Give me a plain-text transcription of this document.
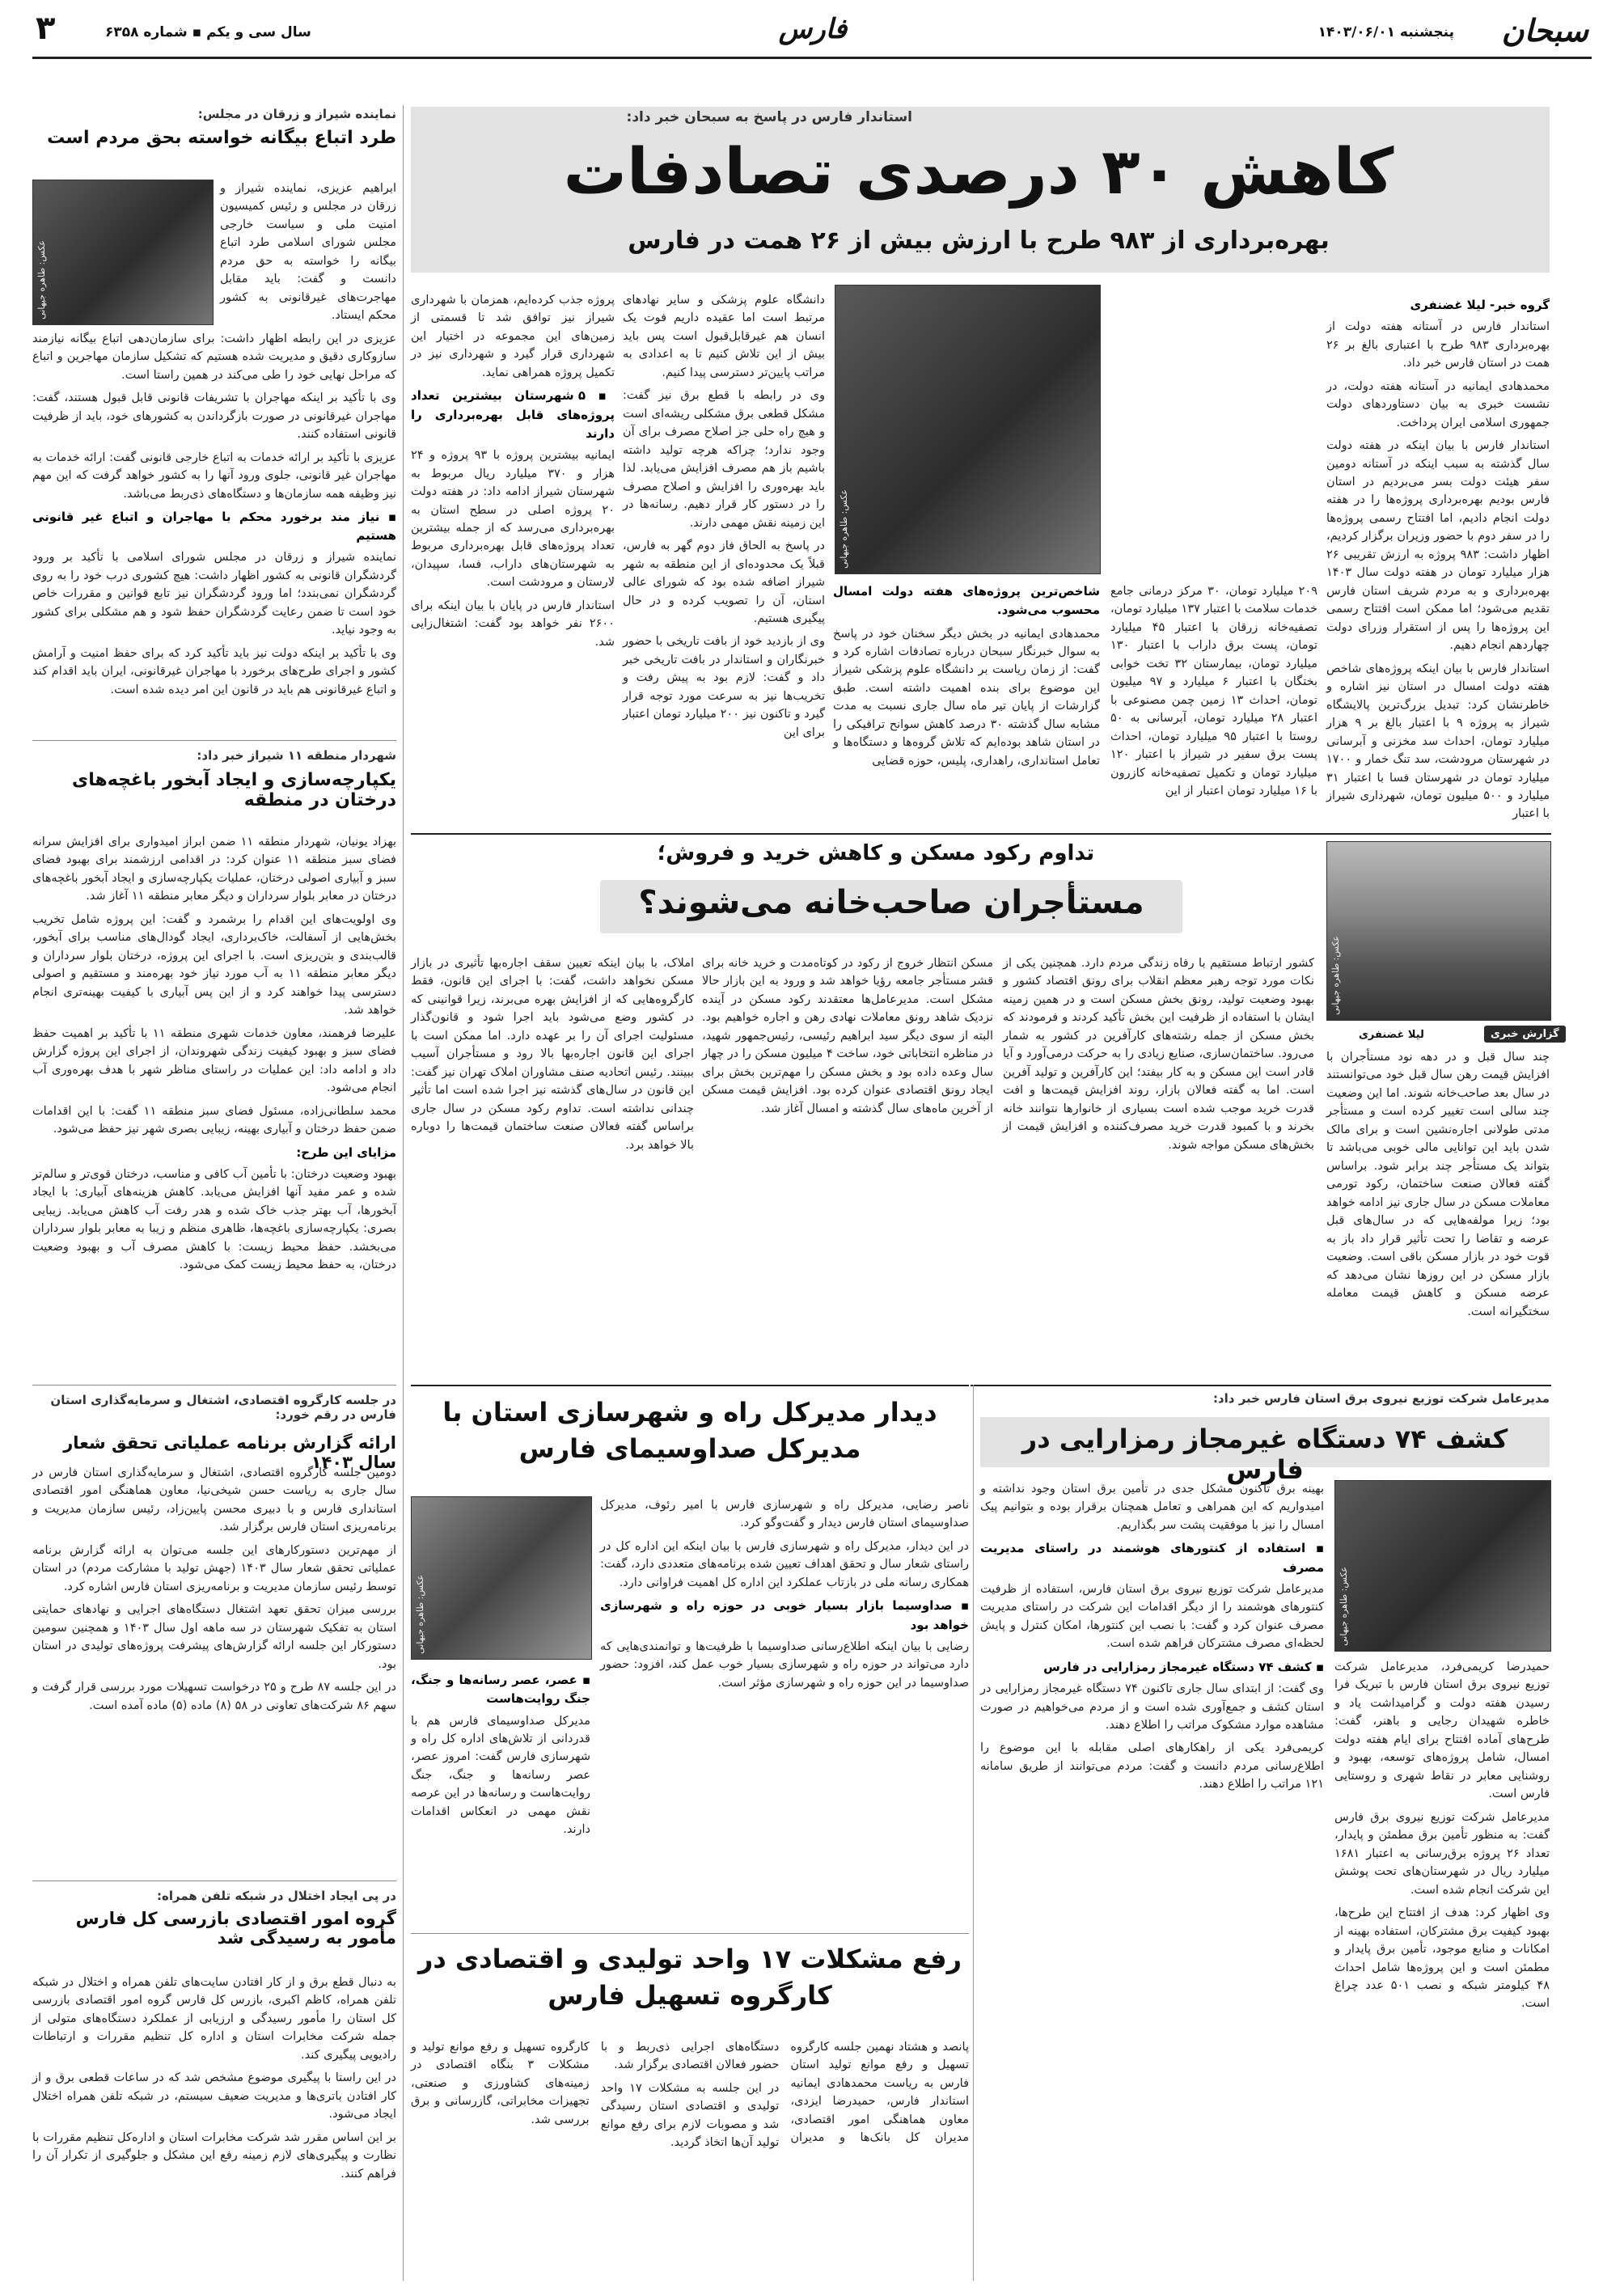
سبحان
پنجشنبه ۱۴۰۳/۰۶/۰۱
فارس
سال سی و یکم ▪ شماره ۶۳۵۸
۳
استاندار فارس در پاسخ به سبحان خبر داد:
کاهش ۳۰ درصدی تصادفات
بهره‌برداری از ۹۸۳ طرح با ارزش بیش از ۲۶ همت در فارس
عکس: طاهره جیهانی
گروه خبر- لیلا غضنفری

استاندار فارس در آستانه هفته دولت از بهره‌برداری ۹۸۳ طرح با اعتباری بالغ بر ۲۶ همت در استان فارس خبر داد.

محمدهادی ایمانیه در آستانه هفته دولت، در نشست خبری به بیان دستاوردهای دولت جمهوری اسلامی ایران پرداخت.

استاندار فارس با بیان اینکه در هفته دولت سال گذشته به سبب اینکه در آستانه دومین سفر هیئت دولت بسر می‌بردیم در استان فارس بودیم بهره‌برداری پروژه‌ها را در هفته دولت انجام دادیم، اما افتتاح رسمی پروژه‌ها را در سفر دوم با حضور وزیران برگزار کردیم، اظهار داشت: ۹۸۳ پروژه به ارزش تقریبی ۲۶ هزار میلیارد تومان در هفته دولت سال ۱۴۰۳ بهره‌برداری و به مردم شریف استان فارس تقدیم می‌شود؛ اما ممکن است افتتاح رسمی این پروژه‌ها را پس از استقرار وزرای دولت چهاردهم انجام دهیم.

استاندار فارس با بیان اینکه پروژه‌های شاخص هفته دولت امسال در استان نیز اشاره و خاطرنشان کرد: تبدیل بزرگ‌ترین پالایشگاه شیراز به پروژه ۹ با اعتبار بالغ بر ۹ هزار میلیارد تومان، احداث سد مخزنی و آبرسانی در شهرستان مرودشت، سد تنگ خمار و ۱۷۰۰ میلیارد تومان در شهرستان فسا با اعتبار ۳۱ میلیارد و ۵۰۰ میلیون تومان، شهرداری شیراز با اعتبار

۲۰۹ میلیارد تومان، ۳۰ مرکز درمانی جامع خدمات سلامت با اعتبار ۱۳۷ میلیارد تومان، تصفیه‌خانه زرقان با اعتبار ۴۵ میلیارد تومان، پست برق داراب با اعتبار ۱۳۰ میلیارد تومان، بیمارستان ۳۲ تخت خوابی بختگان با اعتبار ۶ میلیارد و ۹۷ میلیون تومان، احداث ۱۳ زمین چمن مصنوعی با اعتبار ۲۸ میلیارد تومان، آبرسانی به ۵۰ روستا با اعتبار ۹۵ میلیارد تومان، احداث پست برق سفیر در شیراز با اعتبار ۱۲۰ میلیارد تومان و تکمیل تصفیه‌خانه کازرون با ۱۶ میلیارد تومان اعتبار از این

شاخص‌ترین پروژه‌های هفته دولت امسال محسوب می‌شود.

محمدهادی ایمانیه در بخش دیگر سخنان خود در پاسخ به سوال خبرنگار سبحان درباره تصادفات اشاره کرد و گفت: از زمان ریاست بر دانشگاه علوم پزشکی شیراز این موضوع برای بنده اهمیت داشته است. طبق گزارشات از پایان تیر ماه سال جاری نسبت به مدت مشابه سال گذشته ۳۰ درصد کاهش سوانح ترافیکی را در استان شاهد بوده‌ایم که تلاش گروه‌ها و دستگاه‌ها و تعامل استانداری، راهداری، پلیس، حوزه قضایی

دانشگاه علوم پزشکی و سایر نهادهای مرتبط است اما عقیده داریم فوت یک انسان هم غیرقابل‌قبول است پس باید بیش از این تلاش کنیم تا به اعدادی به مراتب پایین‌تر دسترسی پیدا کنیم.

وی در رابطه با قطع برق نیز گفت: مشکل قطعی برق مشکلی ریشه‌ای است و هیچ راه حلی جز اصلاح مصرف برای آن وجود ندارد؛ چراکه هرچه تولید داشته باشیم باز هم مصرف افزایش می‌یابد. لذا باید بهره‌وری را افزایش و اصلاح مصرف را در دستور کار قرار دهیم. رسانه‌ها در این زمینه نقش مهمی دارند.

در پاسخ به الحاق فاز دوم گهر به فارس، قبلاً یک محدوده‌ای از این منطقه به شهر شیراز اضافه شده بود که شورای عالی استان، آن را تصویب کرده و در حال پیگیری هستیم.

وی از بازدید خود از بافت تاریخی با حضور خبرنگاران و استاندار در بافت تاریخی خبر داد و گفت: لازم بود به پیش رفت و تخریب‌ها نیز به سرعت مورد توجه قرار گیرد و تاکنون نیز ۲۰۰ میلیارد تومان اعتبار برای این

پروژه جذب کرده‌ایم، همزمان با شهرداری شیراز نیز توافق شد تا قسمتی از زمین‌های این مجموعه در اختیار این شهرداری قرار گیرد و شهرداری نیز در تکمیل پروژه همراهی نماید.

▪ ۵ شهرستان بیشترین تعداد پروژه‌های قابل بهره‌برداری را دارند

ایمانیه بیشترین پروژه با ۹۳ پروژه و ۲۴ هزار و ۳۷۰ میلیارد ریال مربوط به شهرستان شیراز ادامه داد: در هفته دولت ۲۰ پروژه اصلی در سطح استان به بهره‌برداری می‌رسد که از جمله بیشترین تعداد پروژه‌های قابل بهره‌برداری مربوط به شهرستان‌های داراب، فسا، سپیدان، لارستان و مرودشت است.

استاندار فارس در پایان با بیان اینکه برای ۲۶۰۰ نفر خواهد بود گفت: اشتغال‌زایی شد.

نماینده شیراز و زرقان در مجلس:
طرد اتباع بیگانه خواسته بحق مردم است
عکس: طاهره جیهانی

ابراهیم عزیزی، نماینده شیراز و زرقان در مجلس و رئیس کمیسیون امنیت ملی و سیاست خارجی مجلس شورای اسلامی طرد اتباع بیگانه را خواسته به حق مردم دانست و گفت: باید مقابل مهاجرت‌های غیرقانونی به کشور محکم ایستاد.

عزیزی در این رابطه اظهار داشت: برای سازمان‌دهی اتباع بیگانه نیازمند سازوکاری دقیق و مدیریت شده هستیم که تشکیل سازمان مهاجرین و اتباع که مراحل نهایی خود را طی می‌کند در همین راستا است.

وی با تأکید بر اینکه مهاجران با تشریفات قانونی قابل قبول هستند، گفت: مهاجران غیرقانونی در صورت بازگرداندن به کشورهای خود، باید از ظرفیت قانونی استفاده کنند.

عزیزی با تأکید بر ارائه خدمات به اتباع خارجی قانونی گفت: ارائه خدمات به مهاجران غیر قانونی، جلوی ورود آنها را به کشور خواهد گرفت که این مهم نیز وظیفه همه سازمان‌ها و دستگاه‌های ذی‌ربط می‌باشد.

▪ نیاز مند برخورد محکم با مهاجران و اتباع غیر قانونی هستیم

نماینده شیراز و زرقان در مجلس شورای اسلامی با تأکید بر ورود گردشگران قانونی به کشور اظهار داشت: هیچ کشوری درب خود را به روی گردشگران نمی‌بندد؛ اما ورود گردشگران نیز تابع قوانین و مقررات خاص خود است تا ضمن رعایت گردشگران حفظ شود و هم مشکلی برای کشور به وجود نیاید.

وی با تأکید بر اینکه دولت نیز باید تأکید کرد که برای حفظ امنیت و آرامش کشور و اجرای طرح‌های برخورد با مهاجران غیرقانونی، ایران باید اقدام کند و اتباع غیرقانونی هم باید در قانون این امر دیده شده است.

شهردار منطقه ۱۱ شیراز خبر داد:
یکپارچه‌سازی و ایجاد آبخور باغچه‌های درختان در منطقه

بهزاد یونیان، شهردار منطقه ۱۱ ضمن ابراز امیدواری برای افزایش سرانه فضای سبز منطقه ۱۱ عنوان کرد: در اقدامی ارزشمند برای بهبود فضای سبز و آبیاری اصولی درختان، عملیات یکپارچه‌سازی و ایجاد آبخور باغچه‌های درختان در معابر بلوار سرداران و دیگر معابر منطقه ۱۱ آغاز شد.

وی اولویت‌های این اقدام را برشمرد و گفت: این پروژه شامل تخریب بخش‌هایی از آسفالت، خاک‌برداری، ایجاد گودال‌های مناسب برای آبخور، قالب‌بندی و بتن‌ریزی است. با اجرای این پروژه، درختان بلوار سرداران و دیگر معابر منطقه ۱۱ به آب مورد نیاز خود بهره‌مند و مستقیم و اصولی دسترسی پیدا خواهند کرد و از این پس آبیاری با کیفیت بهینه‌تری انجام خواهد شد.

علیرضا فرهمند، معاون خدمات شهری منطقه ۱۱ با تأکید بر اهمیت حفظ فضای سبز و بهبود کیفیت زندگی شهروندان، از اجرای این پروژه گزارش داد و ادامه داد: این عملیات در راستای مناظر شهر با هدف بهره‌وری آب انجام می‌شود.

محمد سلطانی‌زاده، مسئول فضای سبز منطقه ۱۱ گفت: با این اقدامات ضمن حفظ درختان و آبیاری بهینه، زیبایی بصری شهر نیز حفظ می‌شود.

مزایای این طرح:

بهبود وضعیت درختان: با تأمین آب کافی و مناسب، درختان قوی‌تر و سالم‌تر شده و عمر مفید آنها افزایش می‌یابد. کاهش هزینه‌های آبیاری: با ایجاد آبخورها، آب بهتر جذب خاک شده و هدر رفت آب کاهش می‌یابد. زیبایی بصری: یکپارچه‌سازی باغچه‌ها، ظاهری منظم و زیبا به معابر بلوار سرداران می‌بخشد. حفظ محیط زیست: با کاهش مصرف آب و بهبود وضعیت درختان، به حفظ محیط زیست کمک می‌شود.

در جلسه کارگروه اقتصادی، اشتغال و سرمایه‌گذاری استان فارس در رقم خورد:
ارائه گزارش برنامه عملیاتی تحقق شعار سال ۱۴۰۳

دومین جلسه کارگروه اقتصادی، اشتغال و سرمایه‌گذاری استان فارس در سال جاری به ریاست حسن شیخی‌نیا، معاون هماهنگی امور اقتصادی استانداری فارس و با دبیری محسن پایین‌زاد، رئیس سازمان مدیریت و برنامه‌ریزی استان فارس برگزار شد.

از مهم‌ترین دستورکارهای این جلسه می‌توان به ارائه گزارش برنامه عملیاتی تحقق شعار سال ۱۴۰۳ (جهش تولید با مشارکت مردم) در استان توسط رئیس سازمان مدیریت و برنامه‌ریزی استان فارس اشاره کرد.

بررسی میزان تحقق تعهد اشتغال دستگاه‌های اجرایی و نهادهای حمایتی استان به تفکیک شهرستان در سه ماهه اول سال ۱۴۰۳ و همچنین سومین دستورکار این جلسه ارائه گزارش‌های پیشرفت پروژه‌های تولیدی در استان بود.

در این جلسه ۸۷ طرح و ۲۵ درخواست تسهیلات مورد بررسی قرار گرفت و سهم ۸۶ شرکت‌های تعاونی در ۵۸ (۸) ماده (۵) ماده آمده است.

در پی ایجاد اختلال در شبکه تلفن همراه:
گروه امور اقتصادی بازرسی کل فارس مأمور به رسیدگی شد

به دنبال قطع برق و از کار افتادن سایت‌های تلفن همراه و اختلال در شبکه تلفن همراه، کاظم اکبری، بازرس کل فارس گروه امور اقتصادی بازرسی کل استان را مأمور رسیدگی و ارزیابی از عملکرد دستگاه‌های متولی از جمله شرکت مخابرات استان و اداره کل تنظیم مقررات و ارتباطات رادیویی پیگیری کند.

در این راستا با پیگیری موضوع مشخص شد که در ساعات قطعی برق و از کار افتادن باتری‌ها و مدیریت ضعیف سیستم، در شبکه تلفن همراه اختلال ایجاد می‌شود.

بر این اساس مقرر شد شرکت مخابرات استان و اداره‌کل تنظیم مقررات با نظارت و پیگیری‌های لازم زمینه رفع این مشکل و جلوگیری از تکرار آن را فراهم کنند.

تداوم رکود مسکن و کاهش خرید و فروش؛
مستأجران صاحب‌خانه می‌شوند؟
عکس: طاهره جیهانی
گزارش خبری
لیلا غضنفری

چند سال قبل و در دهه نود مستأجران با افزایش قیمت رهن سال قبل خود می‌توانستند در سال بعد صاحب‌خانه شوند. اما این وضعیت چند سالی است تغییر کرده است و مستأجر مدتی طولانی اجاره‌نشین است و برای مالک شدن باید این توانایی مالی خوبی می‌باشد تا بتواند یک مستأجر چند برابر شود. براساس گفته فعالان صنعت ساختمان، رکود تورمی معاملات مسکن در سال جاری نیز ادامه خواهد بود؛ زیرا مولفه‌هایی که در سال‌های قبل عرضه و تقاضا را تحت تأثیر قرار داد باز به قوت خود در بازار مسکن باقی است. وضعیت بازار مسکن در این روزها نشان می‌دهد که عرضه مسکن و کاهش قیمت معامله سختگیرانه است.

کشور ارتباط مستقیم با رفاه زندگی مردم دارد. همچنین یکی از نکات مورد توجه رهبر معظم انقلاب برای رونق اقتصاد کشور و بهبود وضعیت تولید، رونق بخش مسکن است و در همین زمینه ایشان با استفاده از ظرفیت این بخش تأکید کردند و فرمودند که بخش مسکن از جمله رشته‌های کارآفرین در کشور به شمار می‌رود. ساختمان‌سازی، صنایع زیادی را به حرکت درمی‌آورد و آیا قادر است این مسکن و به کار بیفتد؛ این کارآفرین و تولید آفرین است. اما به گفته فعالان بازار، روند افزایش قیمت‌ها و افت قدرت خرید موجب شده است بسیاری از خانوارها نتوانند خانه بخرند و با کمبود قدرت خرید مصرف‌کننده و افزایش قیمت از بخش‌های مسکن مواجه شوند.

مسکن انتظار خروج از رکود در کوتاه‌مدت و خرید خانه برای قشر مستأجر جامعه رؤیا خواهد شد و ورود به این بازار حالا مشکل است. مدیرعامل‌ها معتقدند رکود مسکن در آینده نزدیک شاهد رونق معاملات نهادی رهن و اجاره خواهیم بود. البته از سوی دیگر سید ابراهیم رئیسی، رئیس‌جمهور شهید، در مناظره انتخاباتی خود، ساخت ۴ میلیون مسکن را در چهار سال وعده داده بود و بخش مسکن را مهم‌ترین بخش برای ایجاد رونق اقتصادی عنوان کرده بود. افزایش قیمت مسکن از آخرین ماه‌های سال گذشته و امسال آغاز شد.

املاک، با بیان اینکه تعیین سقف اجاره‌بها تأثیری در بازار مسکن نخواهد داشت، گفت: با اجرای این قانون، فقط کارگروه‌هایی که از افزایش بهره می‌برند، زیرا قوانینی که در کشور وضع می‌شود باید اجرا شود و قانون‌گذار مسئولیت اجرای آن را بر عهده دارد. اما ممکن است با اجرای این قانون اجاره‌بها بالا رود و مستأجران آسیب ببینند. رئیس اتحادیه صنف مشاوران املاک تهران نیز گفت: این قانون در سال‌های گذشته نیز اجرا شده است اما تأثیر چندانی نداشته است. تداوم رکود مسکن در سال جاری براساس گفته فعالان صنعت ساختمان قیمت‌ها را دوباره بالا خواهد برد.

مدیرعامل شرکت توزیع نیروی برق استان فارس خبر داد:
کشف ۷۴ دستگاه غیرمجاز رمزارایی در فارس
عکس: طاهره جیهانی

حمیدرضا کریمی‌فرد، مدیرعامل شرکت توزیع نیروی برق استان فارس با تبریک فرا رسیدن هفته دولت و گرامیداشت یاد و خاطره شهیدان رجایی و باهنر، گفت: طرح‌های آماده افتتاح برای ایام هفته دولت امسال، شامل پروژه‌های توسعه، بهبود و روشنایی معابر در نقاط شهری و روستایی فارس است.

مدیرعامل شرکت توزیع نیروی برق فارس گفت: به منظور تأمین برق مطمئن و پایدار، تعداد ۲۶ پروژه برق‌رسانی به اعتبار ۱۶۸۱ میلیارد ریال در شهرستان‌های تحت پوشش این شرکت انجام شده است.

وی اظهار کرد: هدف از افتتاح این طرح‌ها، بهبود کیفیت برق مشترکان، استفاده بهینه از امکانات و منابع موجود، تأمین برق پایدار و مطمئن است و این پروژه‌ها شامل احداث ۴۸ کیلومتر شبکه و نصب ۵۰۱ عدد چراغ است.

بهینه برق تاکنون مشکل جدی در تأمین برق استان وجود نداشته و امیدواریم که این همراهی و تعامل همچنان برقرار بوده و بتوانیم پیک امسال را نیز با موفقیت پشت سر بگذاریم.

▪ استفاده از کنتورهای هوشمند در راستای مدیریت مصرف

مدیرعامل شرکت توزیع نیروی برق استان فارس، استفاده از ظرفیت کنتورهای هوشمند را از دیگر اقدامات این شرکت در راستای مدیریت مصرف عنوان کرد و گفت: با نصب این کنتورها، امکان کنترل و پایش لحظه‌ای مصرف مشترکان فراهم شده است.

▪ کشف ۷۴ دستگاه غیرمجاز رمزارایی در فارس

وی گفت: از ابتدای سال جاری تاکنون ۷۴ دستگاه غیرمجاز رمزارایی در استان کشف و جمع‌آوری شده است و از مردم می‌خواهیم در صورت مشاهده موارد مشکوک مراتب را اطلاع دهند.

کریمی‌فرد یکی از راهکارهای اصلی مقابله با این موضوع را اطلاع‌رسانی مردم دانست و گفت: مردم می‌توانند از طریق سامانه ۱۲۱ مراتب را اطلاع دهند.

دیدار مدیرکل راه و شهرسازی استان با مدیرکل صداوسیمای فارس
عکس: طاهره جیهانی
▪ عصر، عصر رسانه‌ها و جنگ، جنگ روایت‌هاست

مدیرکل صداوسیمای فارس هم با قدردانی از تلاش‌های اداره کل راه و شهرسازی فارس گفت: امروز عصر، عصر رسانه‌ها و جنگ، جنگ روایت‌هاست و رسانه‌ها در این عرصه نقش مهمی در انعکاس اقدامات دارند.

ناصر رضایی، مدیرکل راه و شهرسازی فارس با امیر رئوف، مدیرکل صداوسیمای استان فارس دیدار و گفت‌وگو کرد.

در این دیدار، مدیرکل راه و شهرسازی فارس با بیان اینکه این اداره کل در راستای شعار سال و تحقق اهداف تعیین شده برنامه‌های متعددی دارد، گفت: همکاری رسانه ملی در بازتاب عملکرد این اداره کل اهمیت فراوانی دارد.

▪ صداوسیما بازار بسیار خوبی در حوزه راه و شهرسازی خواهد بود

رضایی با بیان اینکه اطلاع‌رسانی صداوسیما با ظرفیت‌ها و توانمندی‌هایی که دارد می‌تواند در حوزه راه و شهرسازی بسیار خوب عمل کند، افزود: حضور صداوسیما در این حوزه راه و شهرسازی مؤثر است.

رفع مشکلات ۱۷ واحد تولیدی و اقتصادی در کارگروه تسهیل فارس

پانصد و هشتاد نهمین جلسه کارگروه تسهیل و رفع موانع تولید استان فارس به ریاست محمدهادی ایمانیه استاندار فارس، حمیدرضا ایزدی، معاون هماهنگی امور اقتصادی، مدیران کل بانک‌ها و مدیران دستگاه‌های اجرایی ذی‌ربط و با حضور فعالان اقتصادی برگزار شد.

در این جلسه به مشکلات ۱۷ واحد تولیدی و اقتصادی استان رسیدگی شد و مصوبات لازم برای رفع موانع تولید آن‌ها اتخاذ گردید.

کارگروه تسهیل و رفع موانع تولید و مشکلات ۳ بنگاه اقتصادی در زمینه‌های کشاورزی و صنعتی، تجهیزات مخابراتی، گازرسانی و برق بررسی شد.
